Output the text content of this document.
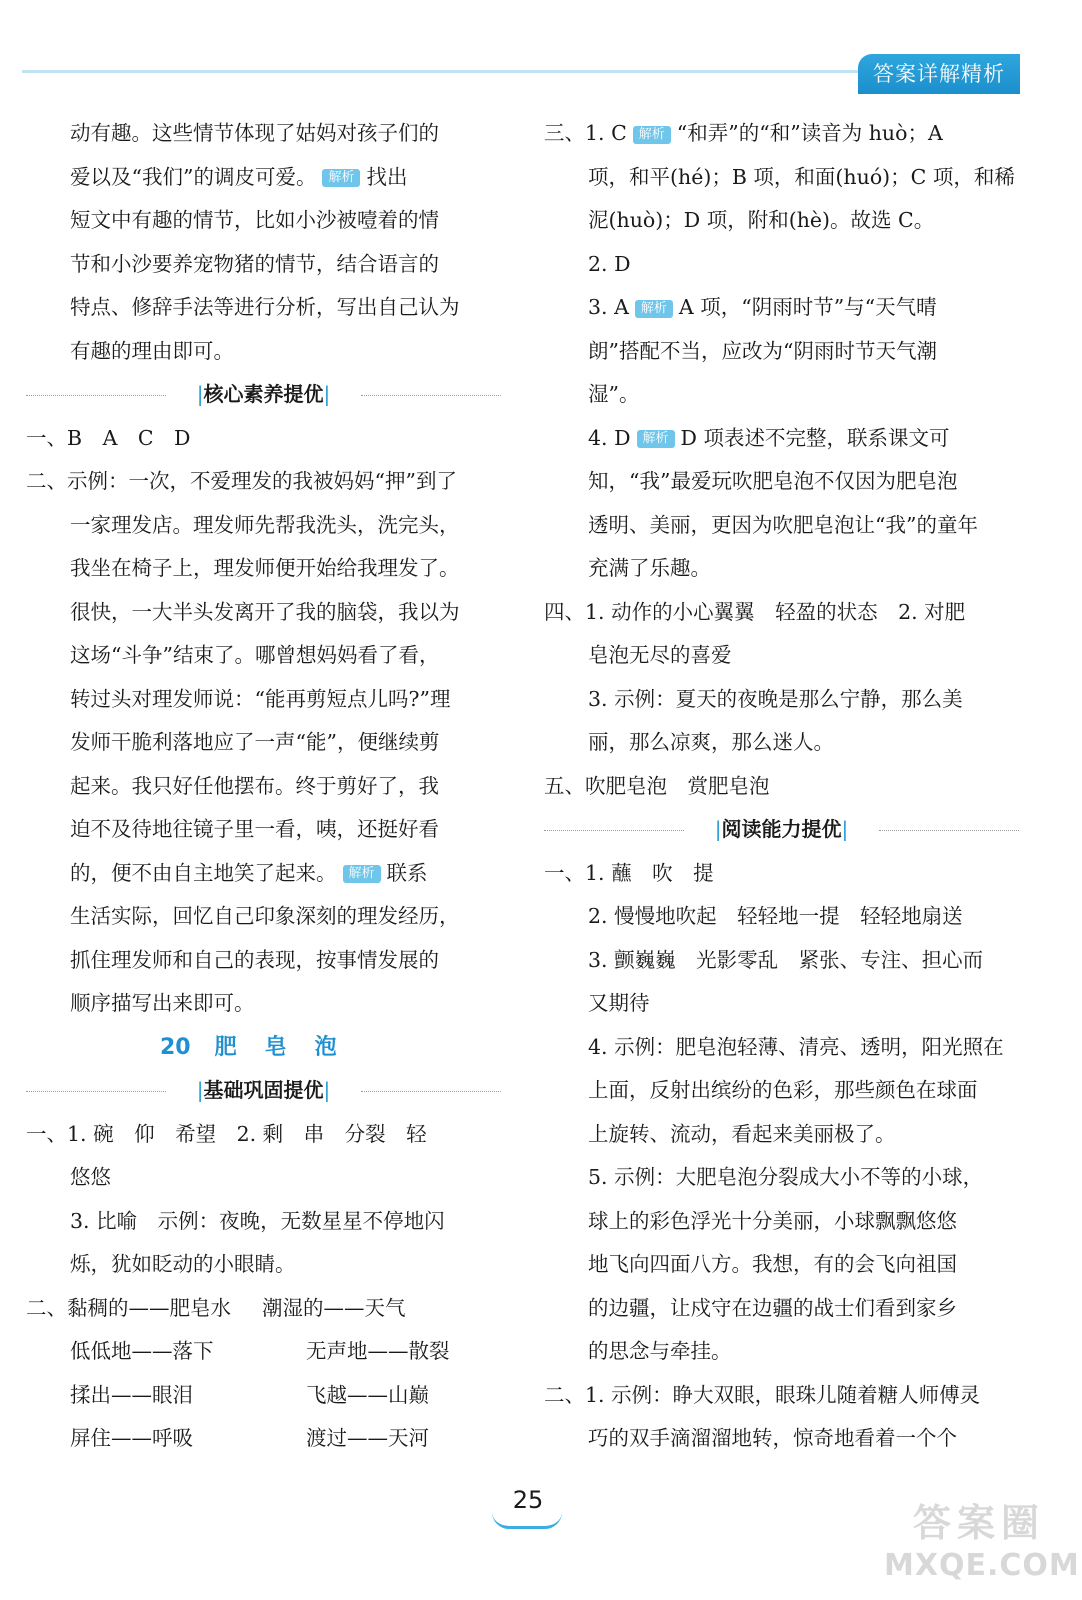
答案详解精析
动有趣。这些情节体现了姑妈对孩子们的
爱以及“我们”的调皮可爱。 解析 找出
短文中有趣的情节，比如小沙被噎着的情
节和小沙要养宠物猪的情节，结合语言的
特点、修辞手法等进行分析，写出自己认为
有趣的理由即可。
|核心素养提优|
一、B　A　C　D
二、示例：一次，不爱理发的我被妈妈“押”到了
一家理发店。理发师先帮我洗头，洗完头，
我坐在椅子上，理发师便开始给我理发了。
很快，一大半头发离开了我的脑袋，我以为
这场“斗争”结束了。哪曾想妈妈看了看，
转过头对理发师说：“能再剪短点儿吗?”理
发师干脆利落地应了一声“能”，便继续剪
起来。我只好任他摆布。终于剪好了，我
迫不及待地往镜子里一看，咦，还挺好看
的，便不由自主地笑了起来。 解析 联系
生活实际，回忆自己印象深刻的理发经历，
抓住理发师和自己的表现，按事情发展的
顺序描写出来即可。
20 肥皂泡
|基础巩固提优|
一、1. 碗　仰　希望　2. 剩　串　分裂　轻
悠悠
3. 比喻　示例：夜晚，无数星星不停地闪
烁，犹如眨动的小眼睛。
二、黏稠的——肥皂水 潮湿的——天气
低低地——落下	无声地——散裂
揉出——眼泪	飞越——山巅
屏住——呼吸	渡过——天河
三、1. C 解析 “和弄”的“和”读音为 huò；A
项，和平(hé)；B 项，和面(huó)；C 项，和稀
泥(huò)；D 项，附和(hè)。故选 C。
2. D
3. A 解析 A 项，“阴雨时节”与“天气晴
朗”搭配不当，应改为“阴雨时节天气潮
湿”。
4. D 解析 D 项表述不完整，联系课文可
知，“我”最爱玩吹肥皂泡不仅因为肥皂泡
透明、美丽，更因为吹肥皂泡让“我”的童年
充满了乐趣。
四、1. 动作的小心翼翼　轻盈的状态　2. 对肥
皂泡无尽的喜爱
3. 示例：夏天的夜晚是那么宁静，那么美
丽，那么凉爽，那么迷人。
五、吹肥皂泡　赏肥皂泡
|阅读能力提优|
一、1. 蘸　吹　提
2. 慢慢地吹起　轻轻地一提　轻轻地扇送
3. 颤巍巍　光影零乱　紧张、专注、担心而
又期待
4. 示例：肥皂泡轻薄、清亮、透明，阳光照在
上面，反射出缤纷的色彩，那些颜色在球面
上旋转、流动，看起来美丽极了。
5. 示例：大肥皂泡分裂成大小不等的小球，
球上的彩色浮光十分美丽，小球飘飘悠悠
地飞向四面八方。我想，有的会飞向祖国
的边疆，让戍守在边疆的战士们看到家乡
的思念与牵挂。
二、1. 示例：睁大双眼，眼珠儿随着糖人师傅灵
巧的双手滴溜溜地转，惊奇地看着一个个
25
答案圈
MXQE.COM
